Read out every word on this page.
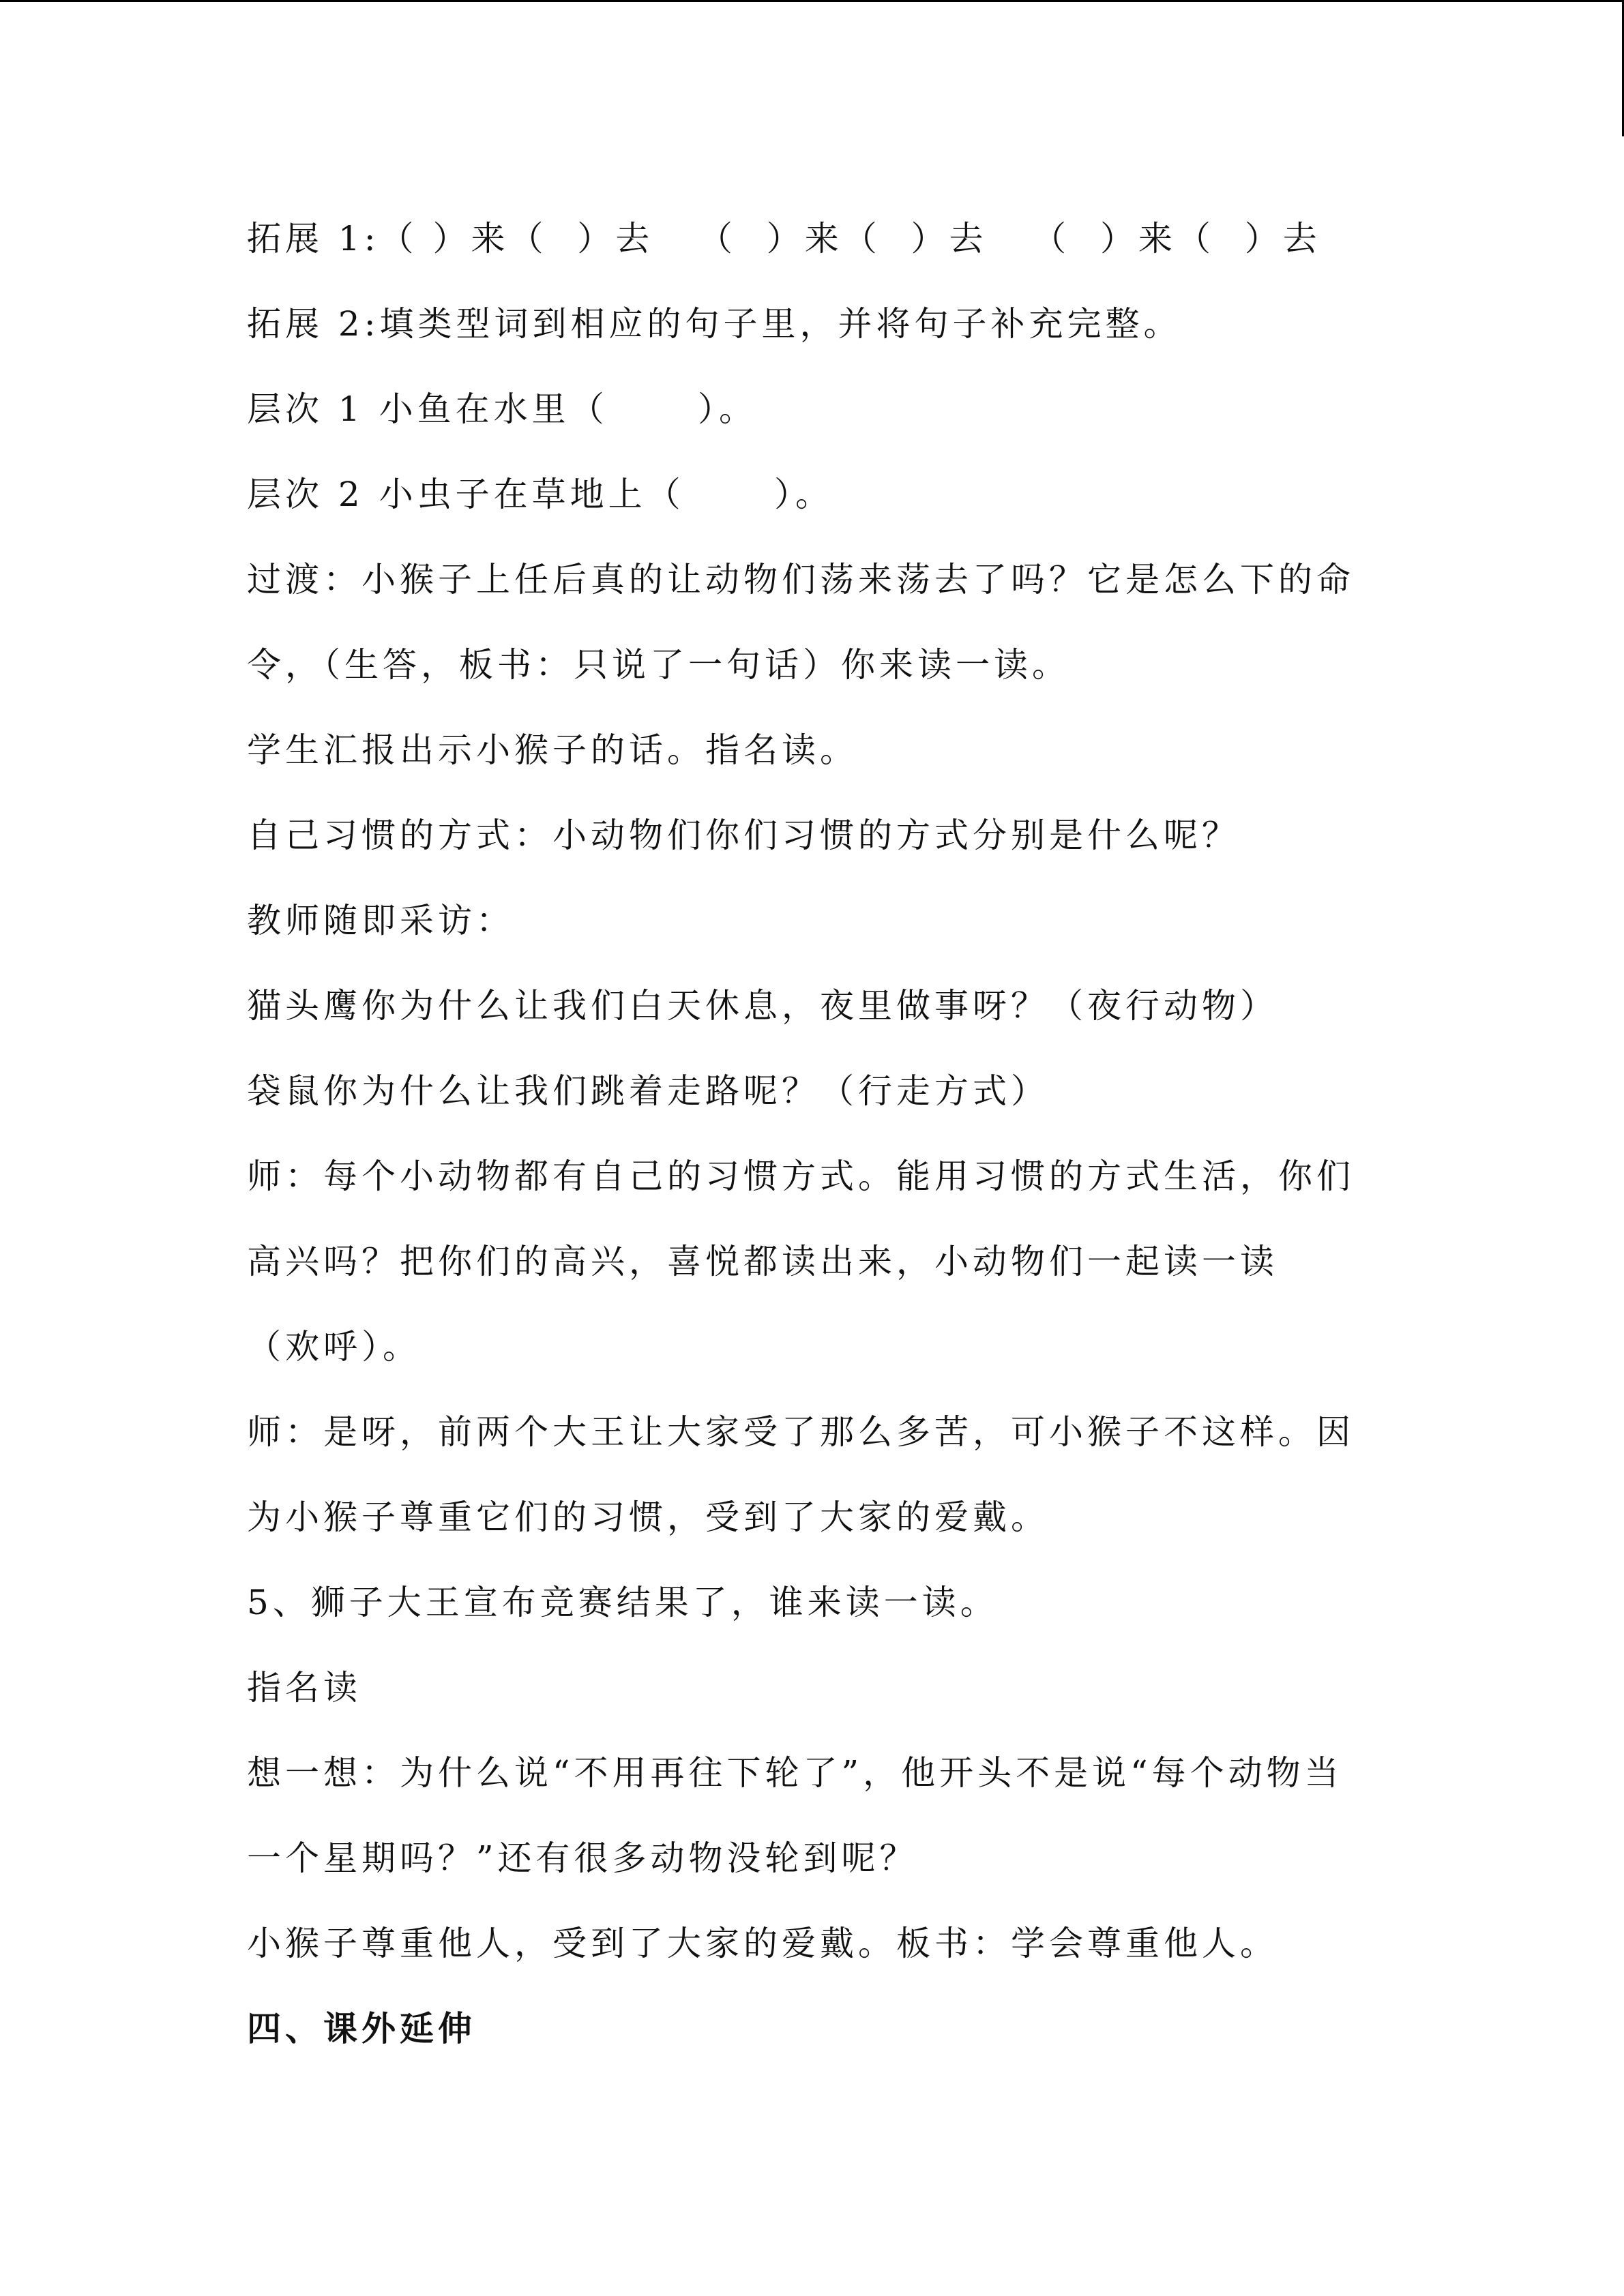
拓展 1:（ ）来（  ）去   （  ）来（  ）去   （  ）来（  ）去
拓展 2:填类型词到相应的句子里，并将句子补充完整。
层次 1 小鱼在水里（      ）。
层次 2 小虫子在草地上（      ）。
过渡：小猴子上任后真的让动物们荡来荡去了吗？它是怎么下的命
令，（生答，板书：只说了一句话）你来读一读。
学生汇报出示小猴子的话。指名读。
自己习惯的方式：小动物们你们习惯的方式分别是什么呢？
教师随即采访：
猫头鹰你为什么让我们白天休息，夜里做事呀？（夜行动物）
袋鼠你为什么让我们跳着走路呢？（行走方式）
师：每个小动物都有自己的习惯方式。能用习惯的方式生活，你们
高兴吗？把你们的高兴，喜悦都读出来，小动物们一起读一读
（欢呼）。
师：是呀，前两个大王让大家受了那么多苦，可小猴子不这样。因
为小猴子尊重它们的习惯，受到了大家的爱戴。
5、狮子大王宣布竞赛结果了，谁来读一读。
指名读
想一想：为什么说“不用再往下轮了”，他开头不是说“每个动物当
一个星期吗？”还有很多动物没轮到呢？
小猴子尊重他人，受到了大家的爱戴。板书：学会尊重他人。
四、课外延伸
